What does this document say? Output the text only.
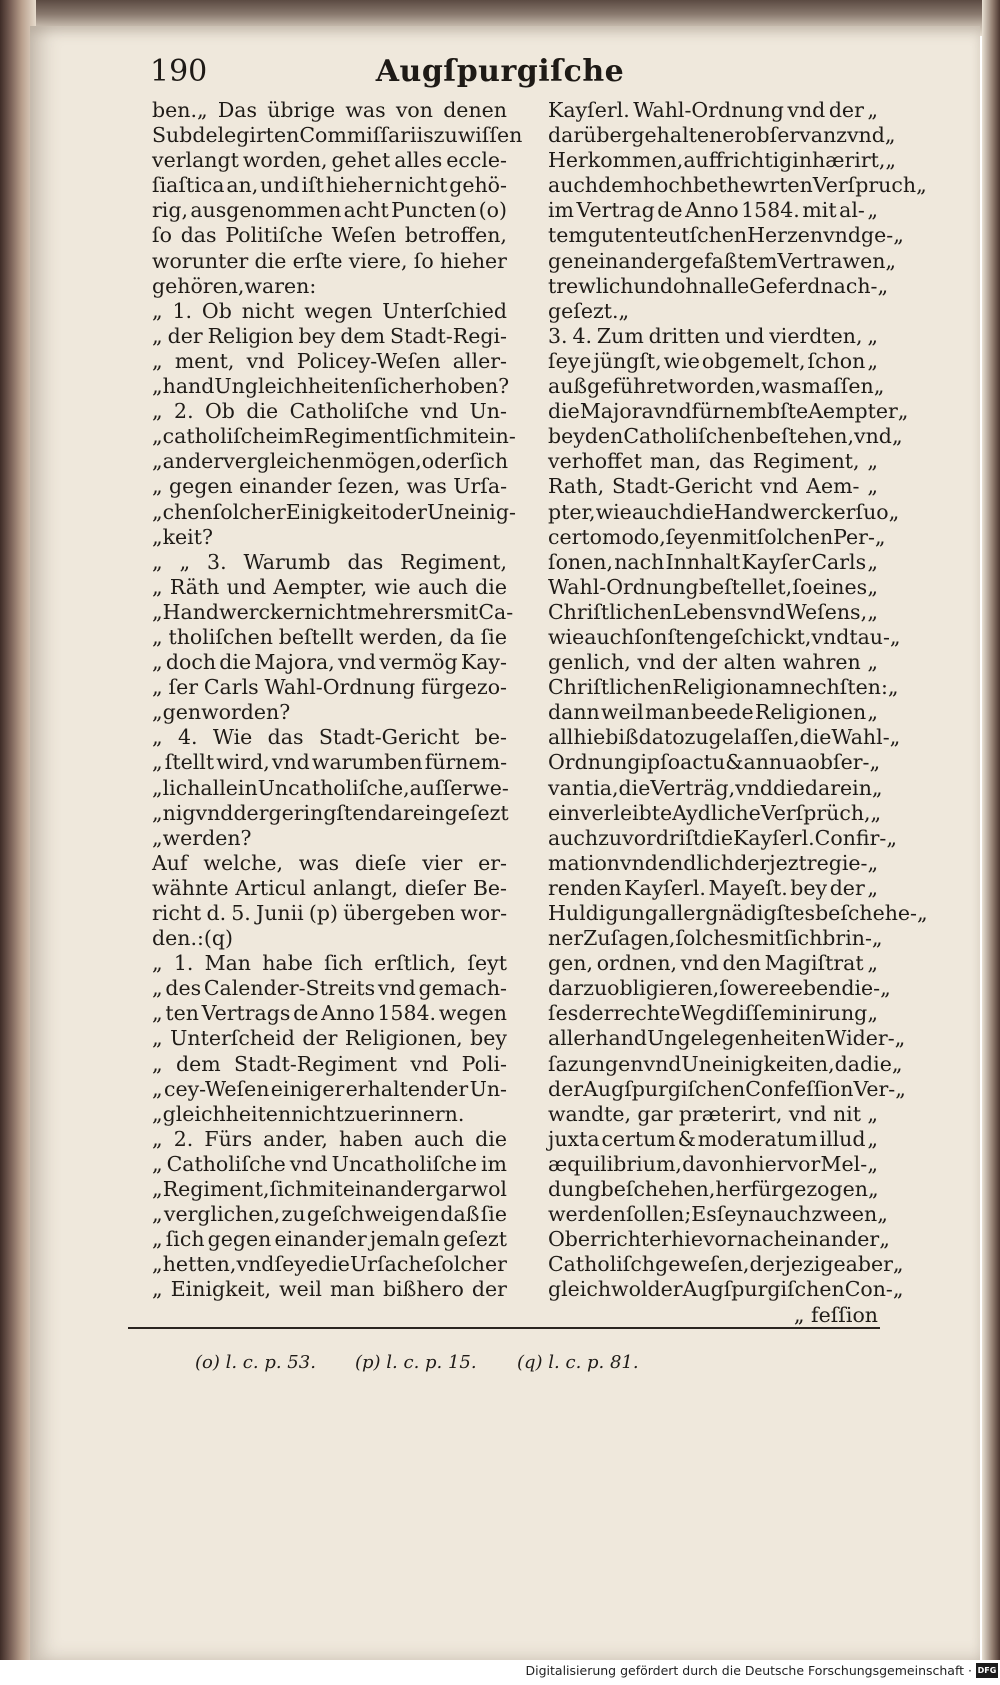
190	Augſpurgiſche
ben.„ Das übrige was von denen
Subdelegirten Commiſſariis zu wiſſen
verlangt worden, gehet alles eccle-
ſiaſtica an, und iſt hieher nicht gehö-
rig, ausgenommen acht Puncten (o)
ſo das Politiſche Weſen betroffen,
worunter die erſte viere, ſo hieher
gehören, waren:
„ 1. Ob nicht wegen Unterſchied
„ der Religion bey dem Stadt-Regi-
„ ment, vnd Policey-Weſen aller-
„ hand Ungleichheiten ſich erhoben?
„ 2. Ob die Catholiſche vnd Un-
„ catholiſche im Regiment ſich mit ein-
„ ander vergleichen mögen, oder ſich
„ gegen einander ſezen, was Urſa-
„ chen ſolcher Einigkeit oder Uneinig-
„ keit?
„ „ 3. Warumb das Regiment,
„ Räth und Aempter, wie auch die
„ Handwercker nicht mehrers mit Ca-
„ tholiſchen beſtellt werden, da ſie
„ doch die Majora, vnd vermög Kay-
„ ſer Carls Wahl-Ordnung fürgezo-
„ gen worden?
„ 4. Wie das Stadt-Gericht be-
„ ſtellt wird, vnd warumben fürnem-
„ lich allein Uncatholiſche, auſſer we-
„ nig vnd der geringſten darein geſezt
„ werden?
Auf welche, was dieſe vier er-
wähnte Articul anlangt, dieſer Be-
richt d. 5. Junii (p) übergeben wor-
den.: (q)
„ 1. Man habe ſich erſtlich, ſeyt
„ des Calender-Streits vnd gemach-
„ ten Vertrags de Anno 1584. wegen
„ Unterſcheid der Religionen, bey
„ dem Stadt-Regiment vnd Poli-
„ cey-Weſen einiger erhaltender Un-
„ gleichheiten nicht zu erinnern.
„ 2. Fürs ander, haben auch die
„ Catholiſche vnd Uncatholiſche im
„ Regiment, ſich miteinander gar wol
„ verglichen, zu geſchweigen daß ſie
„ ſich gegen einander jemaln geſezt
„ hetten, vnd ſeye die Urſache ſolcher
„ Einigkeit, weil man bißhero der
Kayſerl. Wahl-Ordnung vnd der „
darüber gehaltener obſervanz vnd „
Herkommen, auffrichtig inhærirt, „
auch dem hochbethewrten Verſpruch „
im Vertrag de Anno 1584. mit al- „
tem guten teutſchen Herzen vnd ge- „
gen einander gefaßtem Vertrawen „
trewlich und ohn alle Geferd nach- „
geſezt. „
3. 4. Zum dritten und vierdten, „
ſeye jüngſt, wie obgemelt, ſchon „
außgeführet worden, was maſſen „
die Majora vnd fürnembſte Aempter „
bey den Catholiſchen beſtehen, vnd „
verhoffet man, das Regiment, „
Rath, Stadt-Gericht vnd Aem- „
pter, wie auch die Handwercker ſuo „
certo modo, ſeyen mit ſolchen Per- „
ſonen, nach Innhalt Kayſer Carls „
Wahl-Ordnung beſtellet, ſo eines „
Chriſtlichen Lebens vnd Weſens, „
wie auch ſonſten geſchickt, vnd tau- „
genlich, vnd der alten wahren „
Chriſtlichen Religion am nechſten: „
dann weil man beede Religionen „
allhie biß dato zugelaſſen, die Wahl- „
Ordnung ipſo actu & annua obſer- „
vantia, die Verträg, vnd die darein „
einverleibte Aydliche Verſprüch, „
auch zuvordriſt die Kayſerl. Confir- „
mation vnd endlich der jezt regie- „
renden Kayſerl. Mayeſt. bey der „
Huldigung allergnädigſtes beſchehe- „
ner Zuſagen, ſolches mit ſich brin- „
gen, ordnen, vnd den Magiſtrat „
darzu obligieren, ſo were eben die- „
ſes der rechte Weg diſſeminirung „
allerhand Ungelegenheiten Wider- „
ſazungen vnd Uneinigkeiten, da die „
der Augſpurgiſchen Confeſſion Ver- „
wandte, gar præterirt, vnd nit „
juxta certum & moderatum illud „
æquilibrium, davon hiervor Mel- „
dung beſchehen, herfür gezogen „
werden ſollen; Es ſeyn auch zween „
Oberrichter hievor nacheinander „
Catholiſch geweſen, der jezige aber „
gleichwol der Augſpurgiſchen Con- „
„ feſſion
(o) l. c. p. 53. (p) l. c. p. 15. (q) l. c. p. 81.
Digitalisierung gefördert durch die Deutsche Forschungsgemeinschaft · DFG
